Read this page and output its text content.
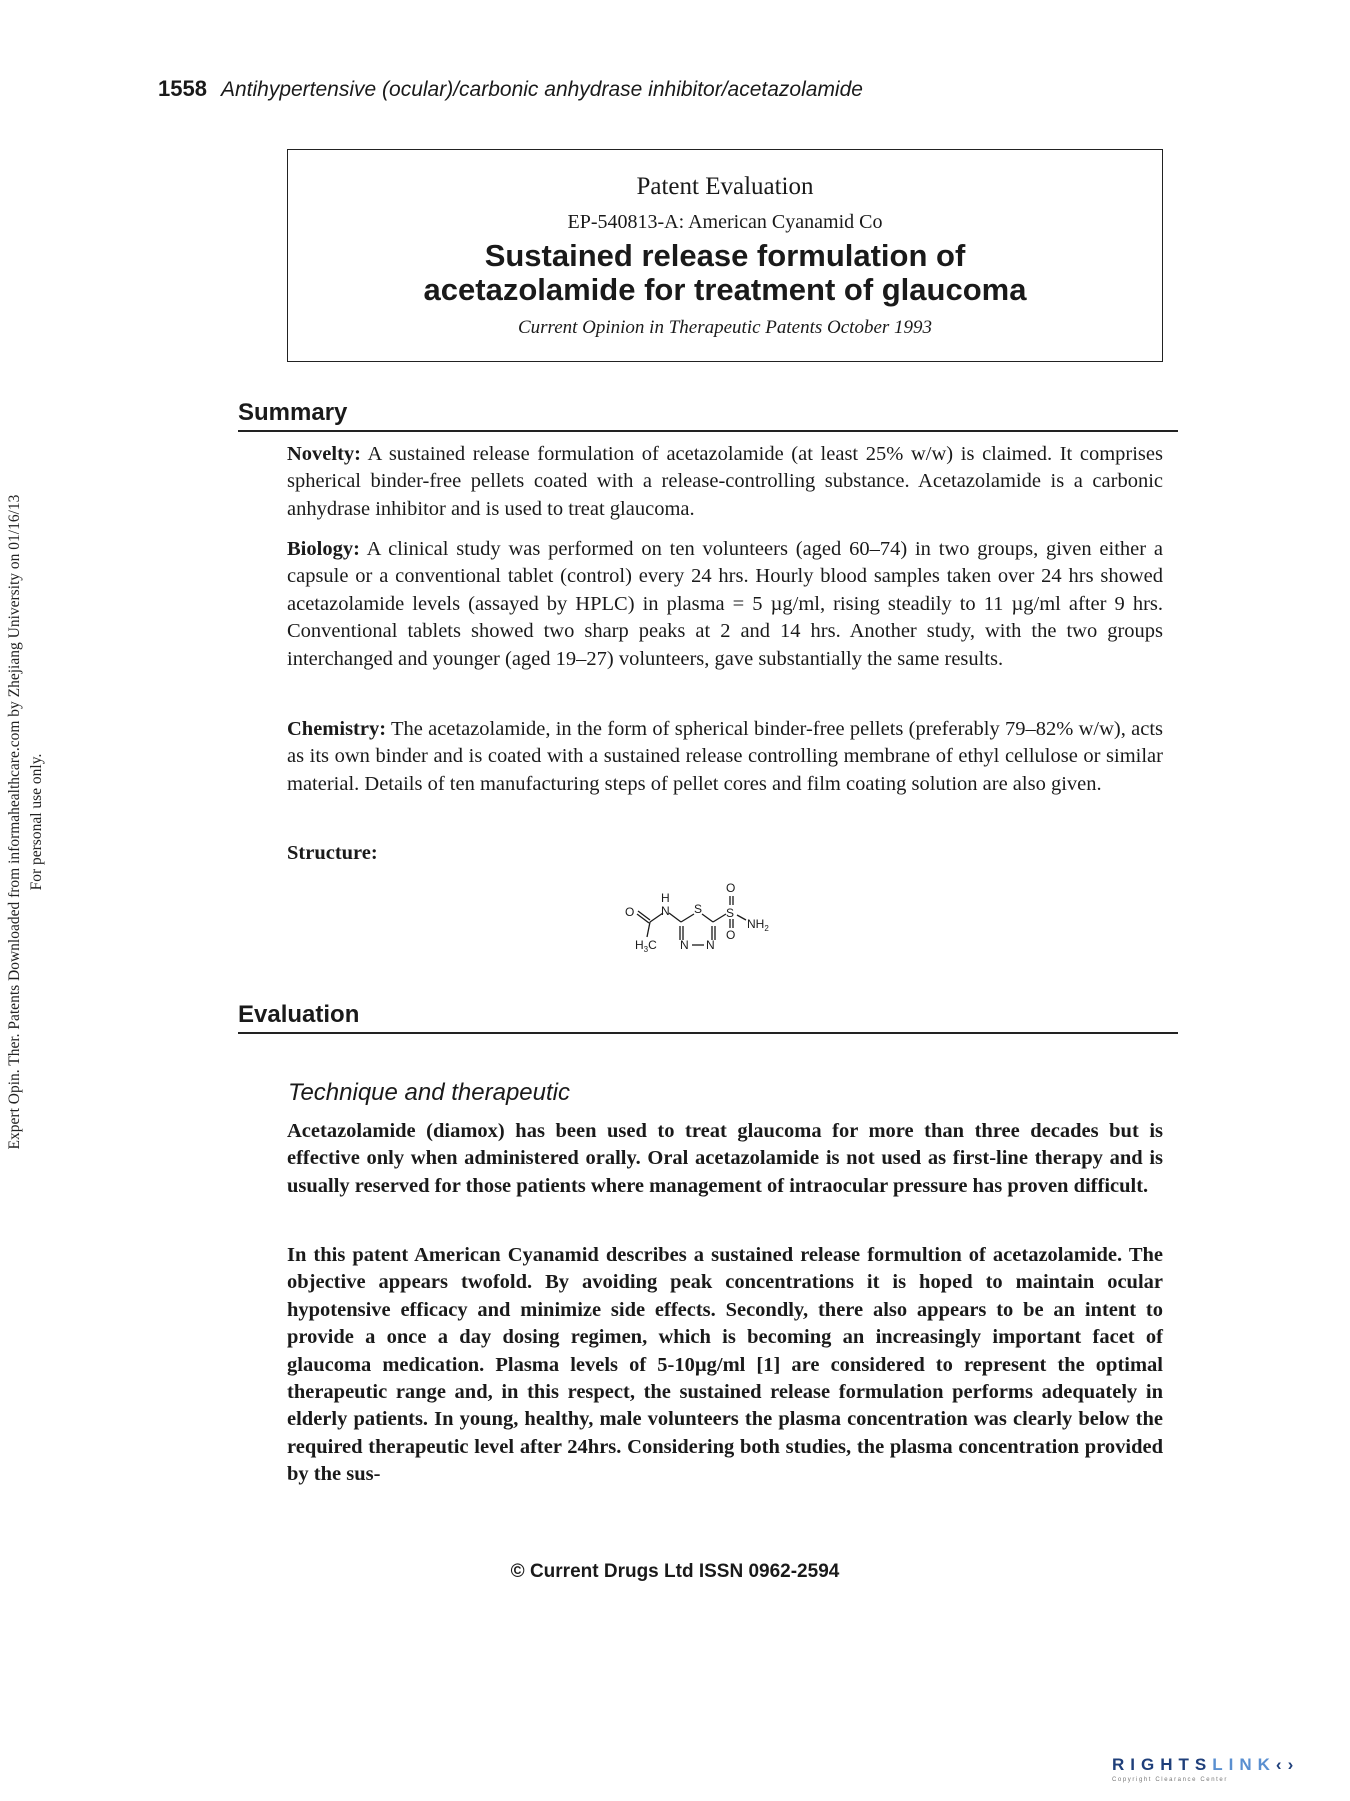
1558 Antihypertensive (ocular)/carbonic anhydrase inhibitor/acetazolamide
Expert Opin. Ther. Patents Downloaded from informahealthcare.com by Zhejiang University on 01/16/13 For personal use only.
Patent Evaluation
EP-540813-A: American Cyanamid Co
Sustained release formulation of
acetazolamide for treatment of glaucoma
Current Opinion in Therapeutic Patents October 1993
Summary

Novelty: A sustained release formulation of acetazolamide (at least 25% w/w) is claimed. It comprises spherical binder-free pellets coated with a release-controlling substance. Acetazolamide is a carbonic anhydrase inhibitor and is used to treat glaucoma.

Biology: A clinical study was performed on ten volunteers (aged 60–74) in two groups, given either a capsule or a conventional tablet (control) every 24 hrs. Hourly blood samples taken over 24 hrs showed acetazolamide levels (assayed by HPLC) in plasma = 5 µg/ml, rising steadily to 11 µg/ml after 9 hrs. Conventional tablets showed two sharp peaks at 2 and 14 hrs. Another study, with the two groups interchanged and younger (aged 19–27) volunteers, gave substantially the same results.

Chemistry: The acetazolamide, in the form of spherical binder-free pellets (preferably 79–82% w/w), acts as its own binder and is coated with a sustained release controlling membrane of ethyl cellulose or similar material. Details of ten manufacturing steps of pellet cores and film coating solution are also given.

Structure:
O
S
O
$NH_2$
S
H
N
O
$H_3C$ N N
Evaluation
Technique and therapeutic

Acetazolamide (diamox) has been used to treat glaucoma for more than three decades but is effective only when administered orally. Oral acetazolamide is not used as first-line therapy and is usually reserved for those patients where management of intraocular pressure has proven difficult.

In this patent American Cyanamid describes a sustained release formultion of acetazolamide. The objective appears twofold. By avoiding peak concentrations it is hoped to maintain ocular hypotensive efficacy and minimize side effects. Secondly, there also appears to be an intent to provide a once a day dosing regimen, which is becoming an increasingly important facet of glaucoma medication. Plasma levels of 5-10µg/ml [1] are considered to represent the optimal therapeutic range and, in this respect, the sustained release formulation performs adequately in elderly patients. In young, healthy, male volunteers the plasma concentration was clearly below the required therapeutic level after 24hrs. Considering both studies, the plasma concentration provided by the sus-

© Current Drugs Ltd ISSN 0962-2594
RIGHTSLINK‹›
Copyright Clearance Center
